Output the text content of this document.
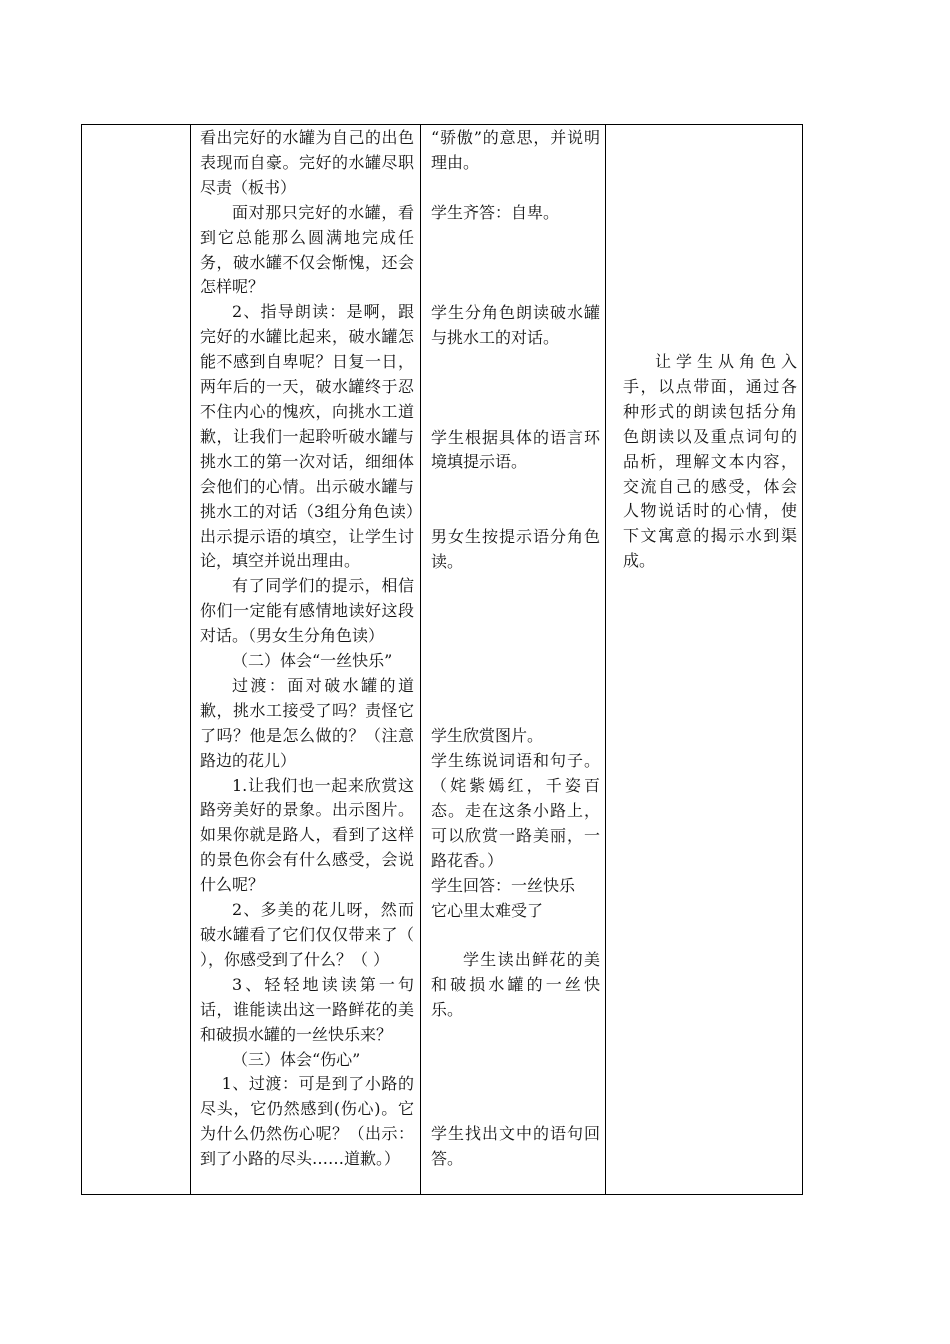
看出完好的水罐为自己的出色表现而自豪。完好的水罐尽职尽责（板书）

面对那只完好的水罐，看到它总能那么圆满地完成任务，破水罐不仅会惭愧，还会怎样呢？

2、指导朗读：是啊，跟完好的水罐比起来，破水罐怎能不感到自卑呢？日复一日，两年后的一天，破水罐终于忍不住内心的愧疚，向挑水工道歉，让我们一起聆听破水罐与挑水工的第一次对话，细细体会他们的心情。出示破水罐与挑水工的对话（3组分角色读）出示提示语的填空，让学生讨论，填空并说出理由。

有了同学们的提示，相信你们一定能有感情地读好这段对话。（男女生分角色读）

（二）体会“一丝快乐”

过渡：面对破水罐的道歉，挑水工接受了吗？责怪它了吗？他是怎么做的？（注意路边的花儿）

1.让我们也一起来欣赏这路旁美好的景象。出示图片。如果你就是路人，看到了这样的景色你会有什么感受，会说什么呢？

2、多美的花儿呀，然而破水罐看了它们仅仅带来了（ ），你感受到了什么？（ ）

3、轻轻地读读第一句话，谁能读出这一路鲜花的美和破损水罐的一丝快乐来？

（三）体会“伤心”

1、过渡：可是到了小路的尽头，它仍然感到(伤心)。它为什么仍然伤心呢？（出示：到了小路的尽头……道歉。）

“骄傲”的意思，并说明理由。

学生齐答：自卑。

学生分角色朗读破水罐与挑水工的对话。

学生根据具体的语言环境填提示语。

男女生按提示语分角色读。

学生欣赏图片。

学生练说词语和句子。（姹紫嫣红，千姿百态。走在这条小路上，可以欣赏一路美丽，一路花香。）

学生回答：一丝快乐

它心里太难受了

学生读出鲜花的美和破损水罐的一丝快乐。

学生找出文中的语句回答。

让学生从角色入手，以点带面，通过各种形式的朗读包括分角色朗读以及重点词句的品析，理解文本内容，交流自己的感受，体会人物说话时的心情，使下文寓意的揭示水到渠成。
